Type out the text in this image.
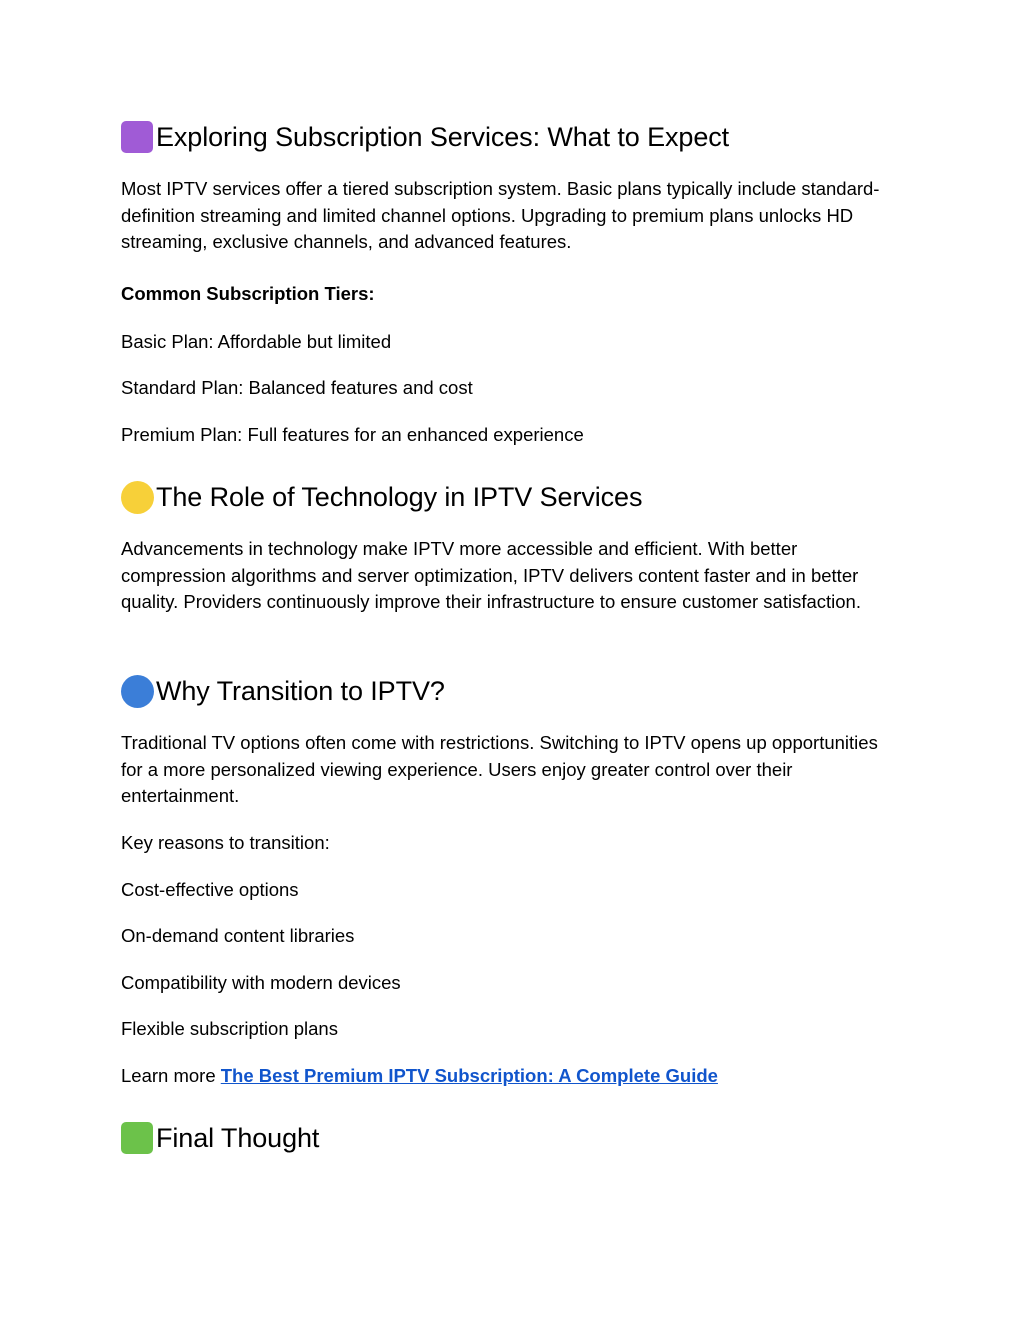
Exploring Subscription Services: What to Expect

Most IPTV services offer a tiered subscription system. Basic plans typically include standard-definition streaming and limited channel options. Upgrading to premium plans unlocks HD streaming, exclusive channels, and advanced features.

Common Subscription Tiers:

Basic Plan: Affordable but limited

Standard Plan: Balanced features and cost

Premium Plan: Full features for an enhanced experience

The Role of Technology in IPTV Services

Advancements in technology make IPTV more accessible and efficient. With better compression algorithms and server optimization, IPTV delivers content faster and in better quality. Providers continuously improve their infrastructure to ensure customer satisfaction.

Why Transition to IPTV?

Traditional TV options often come with restrictions. Switching to IPTV opens up opportunities for a more personalized viewing experience. Users enjoy greater control over their entertainment.

Key reasons to transition:

Cost-effective options

On-demand content libraries

Compatibility with modern devices

Flexible subscription plans

Learn more The Best Premium IPTV Subscription: A Complete Guide

Final Thought
